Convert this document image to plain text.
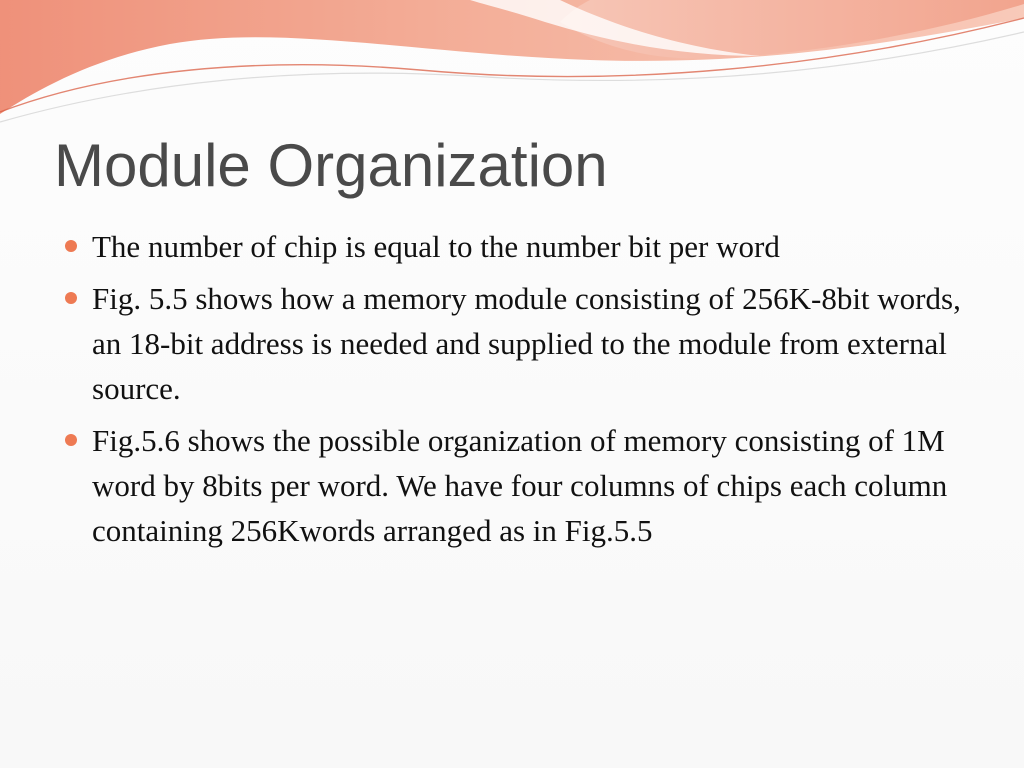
Module Organization
The number of chip is equal to the number bit per word
Fig. 5.5 shows how a memory module consisting of 256K-8bit words, an 18-bit address is needed and supplied to the module from external source.
Fig.5.6 shows the possible organization of memory consisting of 1M word by 8bits per word. We have four columns of chips each column containing 256Kwords arranged as in Fig.5.5
